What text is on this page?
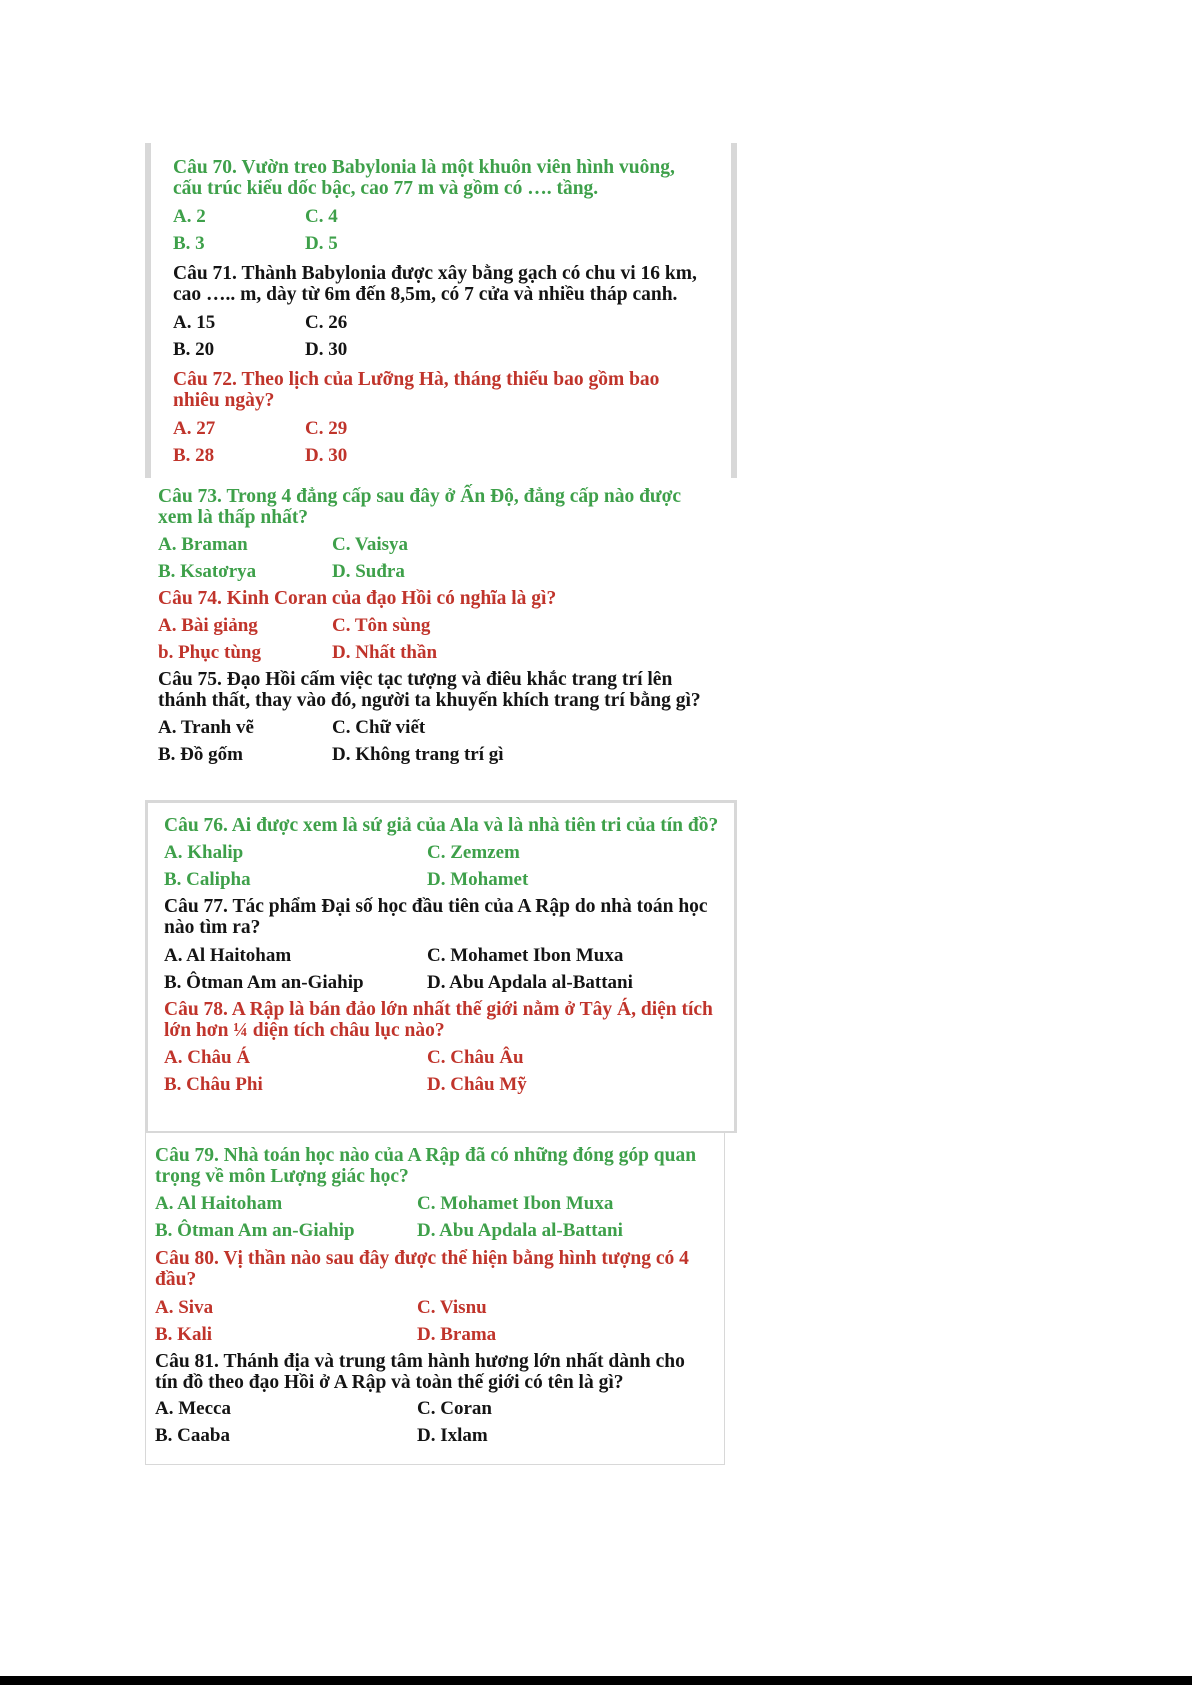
Câu 70. Vườn treo Babylonia là một khuôn viên hình vuông,
cấu trúc kiểu dốc bậc, cao 77 m và gồm có …. tầng.
A. 2	C. 4
B. 3	D. 5
Câu 71. Thành Babylonia được xây bằng gạch có chu vi 16 km,
cao ….. m, dày từ 6m đến 8,5m, có 7 cửa và nhiều tháp canh.
A. 15	C. 26
B. 20	D. 30
Câu 72. Theo lịch của Lưỡng Hà, tháng thiếu bao gồm bao
nhiêu ngày?
A. 27	C. 29
B. 28	D. 30
Câu 73. Trong 4 đẳng cấp sau đây ở Ấn Độ, đẳng cấp nào được
xem là thấp nhất?
A. Braman	C. Vaisya
B. Ksatơrya	D. Suđra
Câu 74. Kinh Coran của đạo Hồi có nghĩa là gì?
A. Bài giảng	C. Tôn sùng
b. Phục tùng	D. Nhất thần
Câu 75. Đạo Hồi cấm việc tạc tượng và điêu khắc trang trí lên
thánh thất, thay vào đó, người ta khuyến khích trang trí bằng gì?
A. Tranh vẽ	C. Chữ viết
B. Đồ gốm	D. Không trang trí gì
Câu 76. Ai được xem là sứ giả của Ala và là nhà tiên tri của tín đồ?
A. Khalip	C. Zemzem
B. Calipha	D. Mohamet
Câu 77. Tác phẩm Đại số học đầu tiên của A Rập do nhà toán học
nào tìm ra?
A. Al Haitoham	C. Mohamet Ibon Muxa
B. Ôtman Am an-Giahip	D. Abu Apdala al-Battani
Câu 78. A Rập là bán đảo lớn nhất thế giới nằm ở Tây Á, diện tích
lớn hơn ¼ diện tích châu lục nào?
A. Châu Á	C. Châu Âu
B. Châu Phi	D. Châu Mỹ
Câu 79. Nhà toán học nào của A Rập đã có những đóng góp quan
trọng về môn Lượng giác học?
A. Al Haitoham	C. Mohamet Ibon Muxa
B. Ôtman Am an-Giahip	D. Abu Apdala al-Battani
Câu 80. Vị thần nào sau đây được thể hiện bằng hình tượng có 4
đầu?
A. Siva	C. Visnu
B. Kali	D. Brama
Câu 81. Thánh địa và trung tâm hành hương lớn nhất dành cho
tín đồ theo đạo Hồi ở A Rập và toàn thế giới có tên là gì?
A. Mecca	C. Coran
B. Caaba	D. Ixlam
